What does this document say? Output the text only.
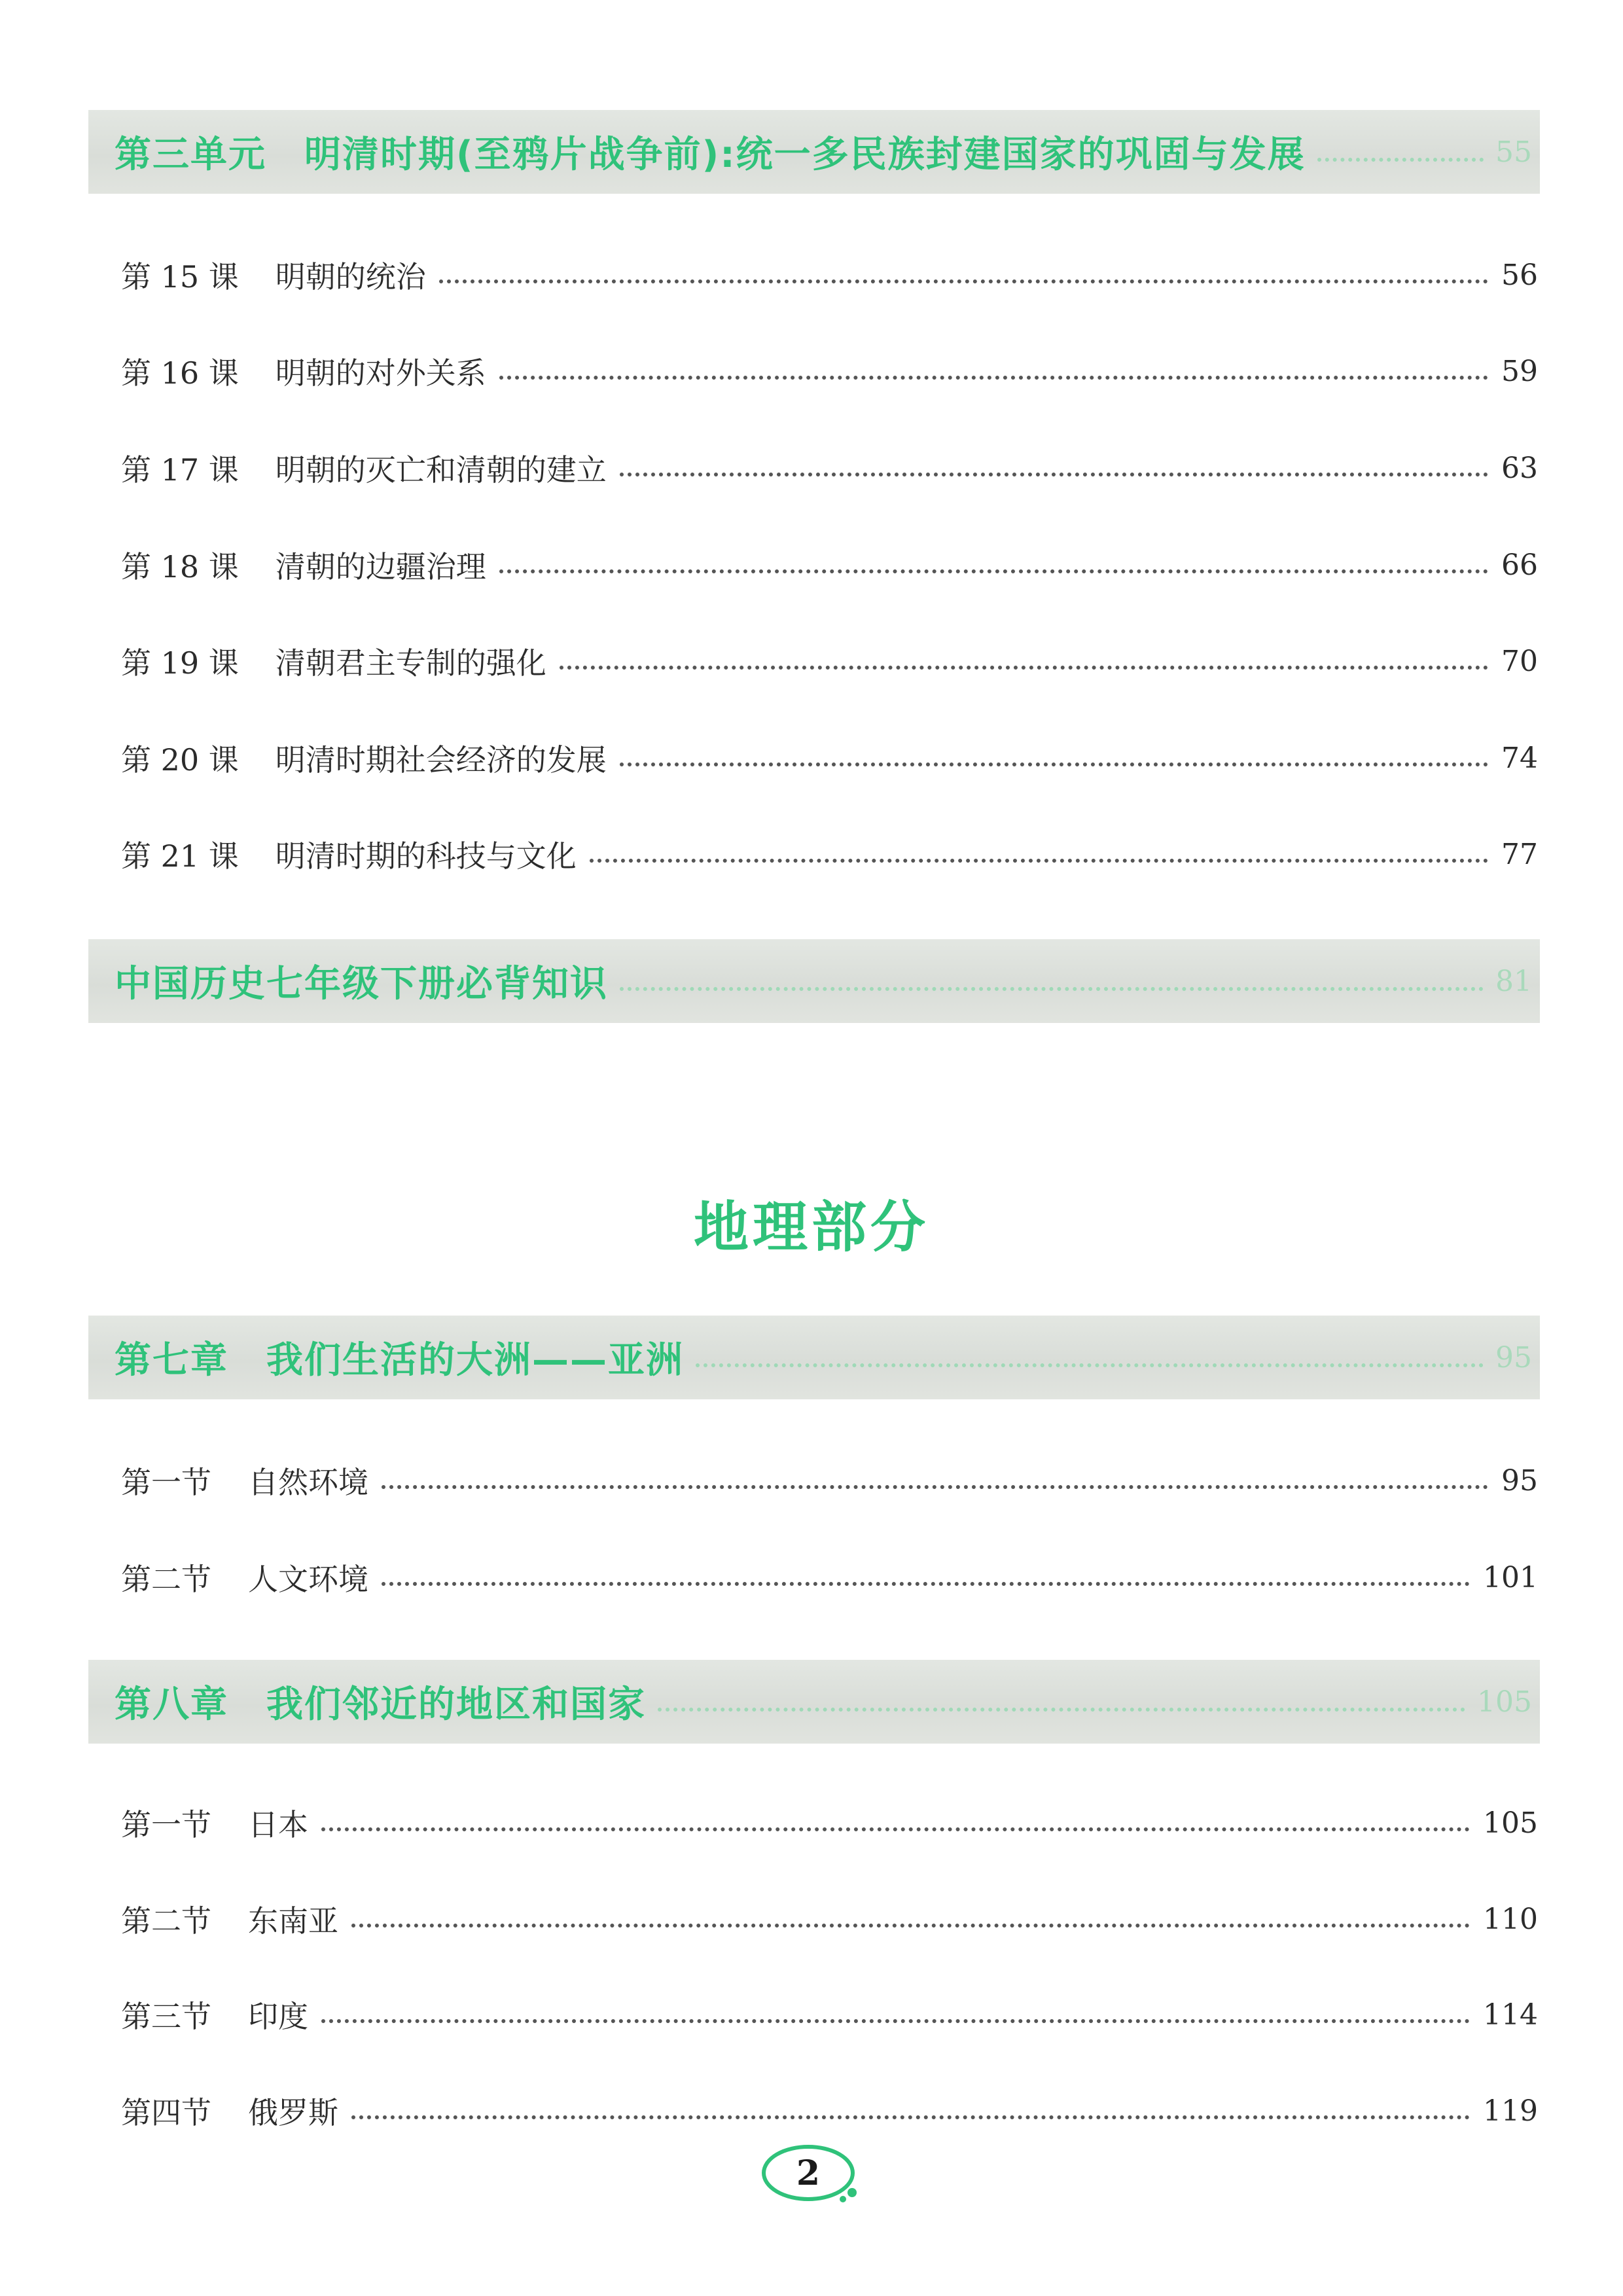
第三单元　明清时期(至鸦片战争前):统一多民族封建国家的巩固与发展	55
第 15 课 明朝的统治	56
第 16 课 明朝的对外关系	59
第 17 课 明朝的灭亡和清朝的建立	63
第 18 课 清朝的边疆治理	66
第 19 课 清朝君主专制的强化	70
第 20 课 明清时期社会经济的发展	74
第 21 课 明清时期的科技与文化	77
中国历史七年级下册必背知识	81
地理部分
第七章　我们生活的大洲——亚洲	95
第一节 自然环境	95
第二节 人文环境	101
第八章　我们邻近的地区和国家	105
第一节 日本	105
第二节 东南亚	110
第三节 印度	114
第四节 俄罗斯	119
2
